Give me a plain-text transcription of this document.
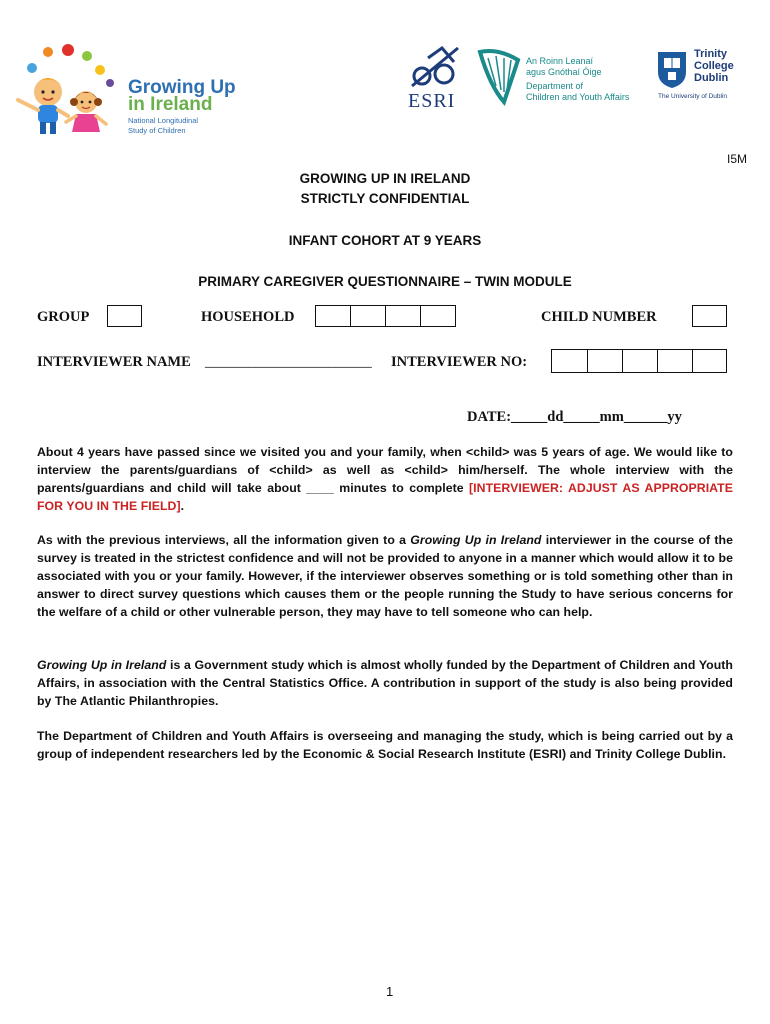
Growing Up
in Ireland
National Longitudinal
Study of Children
ESRI
An Roinn Leanaí
agus Gnóthaí Óige
Department of
Children and Youth Affairs
Trinity
College
Dublin
The University of Dublin
I5M
GROWING UP IN IRELAND
STRICTLY CONFIDENTIAL
INFANT COHORT AT 9 YEARS
PRIMARY CAREGIVER QUESTIONNAIRE – TWIN MODULE
GROUP	HOUSEHOLD	CHILD NUMBER
INTERVIEWER NAME _______________________ INTERVIEWER NO:
DATE:_____dd_____mm______yy
About 4 years have passed since we visited you and your family, when <child> was 5 years of age. We would like to interview the parents/guardians of <child> as well as <child> him/herself. The whole interview with the parents/guardians and child will take about ____ minutes to complete [INTERVIEWER: ADJUST AS APPROPRIATE FOR YOU IN THE FIELD].
As with the previous interviews, all the information given to a Growing Up in Ireland interviewer in the course of the survey is treated in the strictest confidence and will not be provided to anyone in a manner which would allow it to be associated with you or your family. However, if the interviewer observes something or is told something other than in answer to direct survey questions which causes them or the people running the Study to have serious concerns for the welfare of a child or other vulnerable person, they may have to tell someone who can help.
Growing Up in Ireland is a Government study which is almost wholly funded by the Department of Children and Youth Affairs, in association with the Central Statistics Office. A contribution in support of the study is also being provided by The Atlantic Philanthropies.
The Department of Children and Youth Affairs is overseeing and managing the study, which is being carried out by a group of independent researchers led by the Economic & Social Research Institute (ESRI) and Trinity College Dublin.
1
